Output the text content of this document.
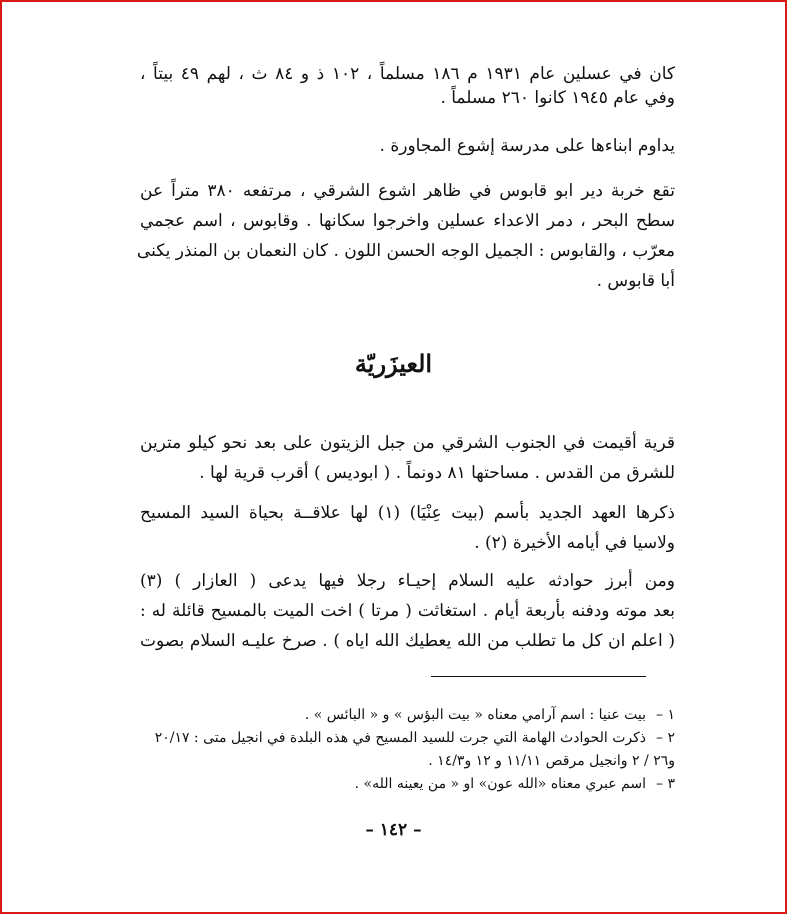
كان في عسلين عام ١٩٣١ م ١٨٦ مسلماً ، ١٠٢ ذ و ٨٤ ث ، لهم ٤٩ بيتاً ،
وفي عام ١٩٤٥ كانوا ٢٦٠ مسلماً .
يداوم ابناءها على مدرسة إشوع المجاورة .
تقع خربة دير ابو قابوس في ظاهر اشوع الشرقي ، مرتفعه ٣٨٠ متراً عن
سطح البحر ، دمر الاعداء عسلين واخرجوا سكانها . وقابوس ، اسم عجمي
معرّب ، والقابوس : الجميل الوجه الحسن اللون . كان النعمان بن المنذر يكنى
أبا قابوس .
العيزَريّة
قرية أقيمت في الجنوب الشرقي من جبل الزيتون على بعد نحو كيلو مترين
للشرق من القدس . مساحتها ٨١ دونماً . ( ابوديس ) أقرب قرية لها .
ذكرها العهد الجديد بأسم (بيت عِنْيَا) (١) لها علاقــة بحياة السيد المسيح
ولاسيا في أيامه الأخيرة (٢) .
ومن أبرز حوادثه عليه السلام إحيـاء رجلا فيها يدعى ( العازار ) (٣)
بعد موته ودفنه بأربعة أيام . استغاثت ( مرتا ) اخت الميت بالمسيح قائلة له :
( اعلم ان كل ما تطلب من الله يعطيك الله اياه ) . صرخ عليـه السلام بصوت
١ –بيت عنيا : اسم آرامي معناه « بيت البؤس » و « البائس » .
٢ –ذكرت الحوادث الهامة التي جرت للسيد المسيح في هذه البلدة في انجيل متى : ٢٠/١٧
و٢٦ / ٢ وانجيل مرقص ١١/١١ و ١٢ و١٤/٣ .
٣ –اسم عبري معناه «الله عون» او « من يعينه الله» .
– ١٤٢ –
